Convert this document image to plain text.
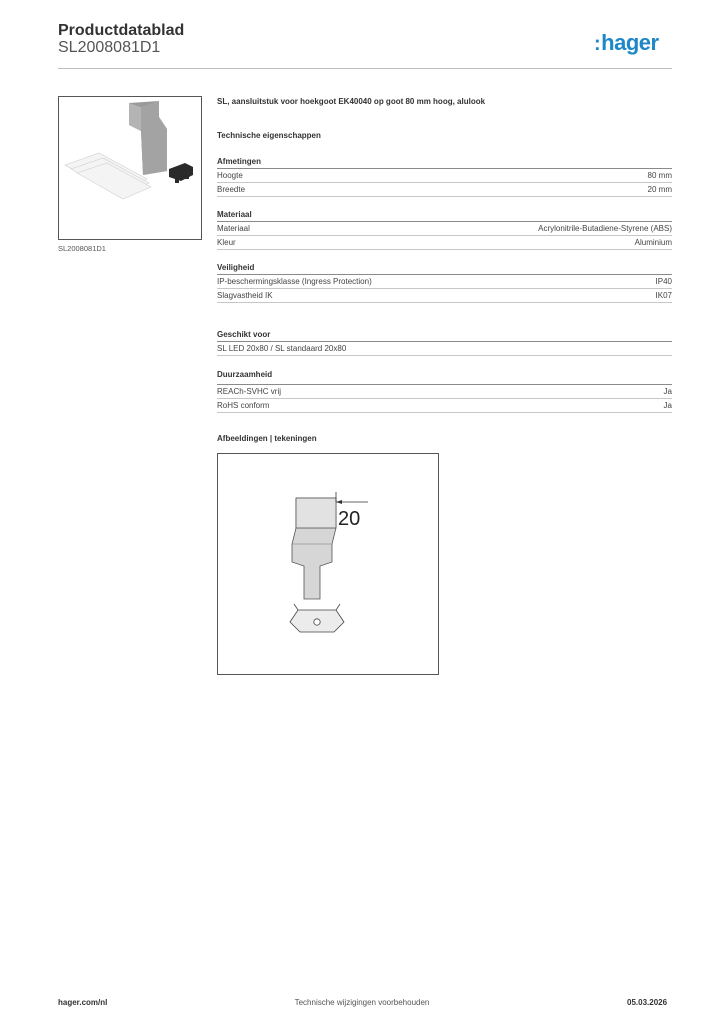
Productdatablad
SL2008081D1	:hager
SL2008081D1
SL, aansluitstuk voor hoekgoot EK40040 op goot 80 mm hoog, alulook
Technische eigenschappen
Afmetingen
Hoogte	80 mm
Breedte	20 mm
Materiaal
Materiaal	Acrylonitrile-Butadiene-Styrene (ABS)
Kleur	Aluminium
Veiligheid
IP-beschermingsklasse (Ingress Protection)	IP40
Slagvastheid IK	IK07
Geschikt voor
SL LED 20x80 / SL standaard 20x80
Duurzaamheid
REACh-SVHC vrij	Ja
RoHS conform	Ja
Afbeeldingen | tekeningen
20
hager.com/nl	Technische wijzigingen voorbehouden	05.03.2026
